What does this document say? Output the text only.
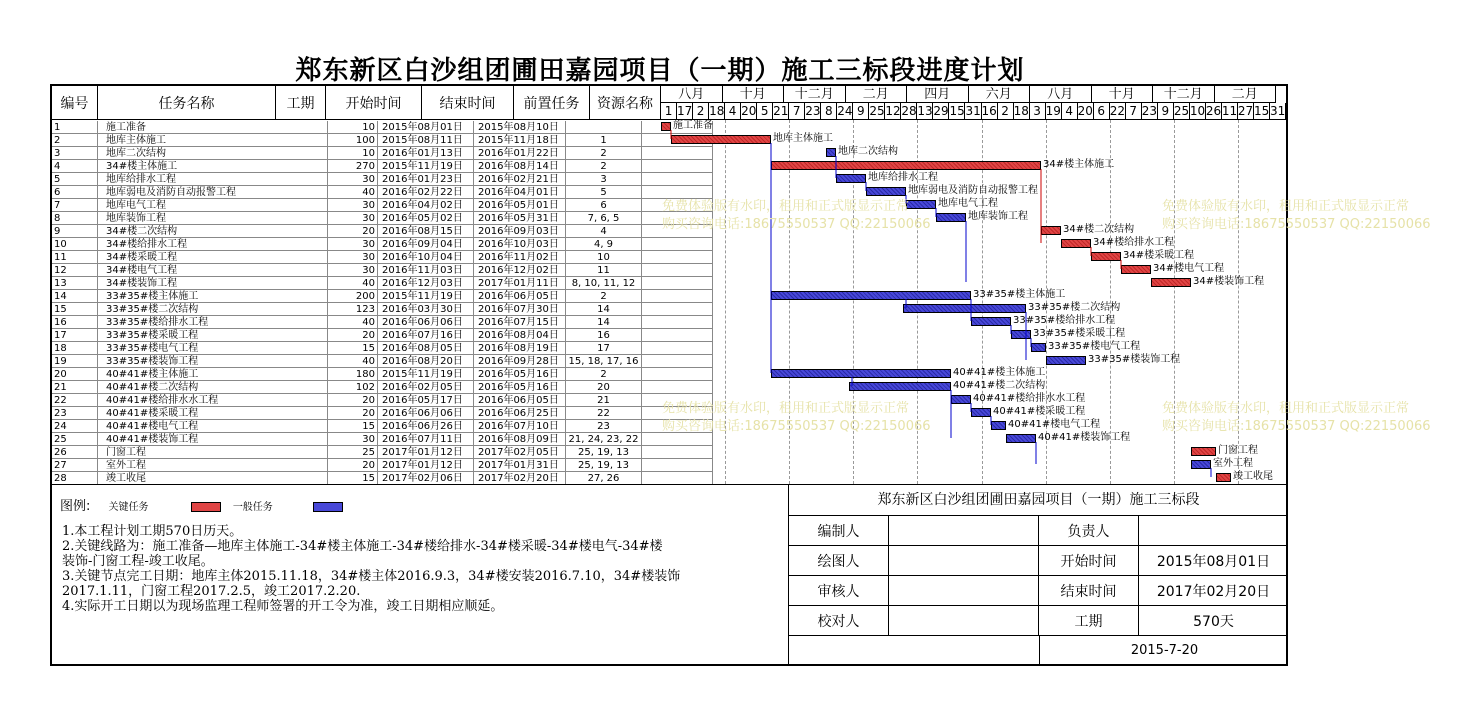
郑东新区白沙组团圃田嘉园项目（一期）施工三标段进度计划
编号	任务名称	工期	开始时间	结束时间	前置任务	资源名称
1	施工准备	10 2015年08月01日	2015年08月10日
2	地库主体施工	100 2015年08月11日	2015年11月18日	1
3	地库二次结构	10 2016年01月13日	2016年01月22日	2
4	34#楼主体施工	270 2015年11月19日	2016年08月14日	2
5	地库给排水工程	30 2016年01月23日	2016年02月21日	3
6	地库弱电及消防自动报警工程	40 2016年02月22日	2016年04月01日	5
7	地库电气工程	30 2016年04月02日	2016年05月01日	6
8	地库装饰工程	30 2016年05月02日	2016年05月31日	7, 6, 5
9	34#楼二次结构	20 2016年08月15日	2016年09月03日	4
10	34#楼给排水工程	30 2016年09月04日	2016年10月03日	4, 9
11	34#楼采暖工程	30 2016年10月04日	2016年11月02日	10
12	34#楼电气工程	30 2016年11月03日	2016年12月02日	11
13	34#楼装饰工程	40 2016年12月03日	2017年01月11日	8, 10, 11, 12
14	33#35#楼主体施工	200 2015年11月19日	2016年06月05日	2
15	33#35#楼二次结构	123 2016年03月30日	2016年07月30日	14
16	33#35#楼给排水工程	40 2016年06月06日	2016年07月15日	14
17	33#35#楼采暖工程	20 2016年07月16日	2016年08月04日	16
18	33#35#楼电气工程	15 2016年08月05日	2016年08月19日	17
19	33#35#楼装饰工程	40 2016年08月20日	2016年09月28日 15, 18, 17, 16
20	40#41#楼主体施工	180 2015年11月19日	2016年05月16日	2
21	40#41#楼二次结构	102 2016年02月05日	2016年05月16日	20
22	40#41#楼给排水水工程	20 2016年05月17日	2016年06月05日	21
23	40#41#楼采暖工程	20 2016年06月06日	2016年06月25日	22
24	40#41#楼电气工程	15 2016年06月26日	2016年07月10日	23
25	40#41#楼装饰工程	30 2016年07月11日	2016年08月09日 21, 24, 23, 22
26	门窗工程	25 2017年01月12日	2017年02月05日	25, 19, 13
27	室外工程	20 2017年01月12日	2017年01月31日	25, 19, 13
28	竣工收尾	15 2017年02月06日	2017年02月20日	27, 26
八月	十月	十二月	二月	四月	六月	八月	十月	十二月	二月
1 17 2 18 4 20 5 21 7 23 8 24 9 25 12 28 13 29 15 31 16 2 18 3 19 4 20 6 22 7 23 9 25 10 26 11 27 15 31
施工准备
地库主体施工
地库二次结构
34#楼主体施工
地库给排水工程
地库弱电及消防自动报警工程
地库电气工程
地库装饰工程
34#楼二次结构
34#楼给排水工程
34#楼采暖工程
34#楼电气工程
34#楼装饰工程
33#35#楼主体施工
33#35#楼二次结构
33#35#楼给排水工程
33#35#楼采暖工程
33#35#楼电气工程
33#35#楼装饰工程
40#41#楼主体施工
40#41#楼二次结构
40#41#楼给排水水工程
40#41#楼采暖工程
40#41#楼电气工程
40#41#楼装饰工程
门窗工程
室外工程
竣工收尾
免费体验版有水印，租用和正式版显示正常
购买咨询电话:18675550537 QQ:22150066
免费体验版有水印，租用和正式版显示正常
购买咨询电话:18675550537 QQ:22150066
免费体验版有水印，租用和正式版显示正常
购买咨询电话:18675550537 QQ:22150066
免费体验版有水印，租用和正式版显示正常
购买咨询电话:18675550537 QQ:22150066
图例: 关键任务	一般任务
1.本工程计划工期570日历天。
2.关键线路为：施工准备—地库主体施工-34#楼主体施工-34#楼给排水-34#楼采暖-34#楼电气-34#楼
装饰-门窗工程-竣工收尾。
3.关键节点完工日期：地库主体2015.11.18，34#楼主体2016.9.3，34#楼安装2016.7.10，34#楼装饰
2017.1.11，门窗工程2017.2.5，竣工2017.2.20.
4.实际开工日期以为现场监理工程师签署的开工令为准，竣工日期相应顺延。
郑东新区白沙组团圃田嘉园项目（一期）施工三标段
编制人	负责人
绘图人	开始时间	2015年08月01日
审核人	结束时间	2017年02月20日
校对人	工期	570天
2015-7-20
